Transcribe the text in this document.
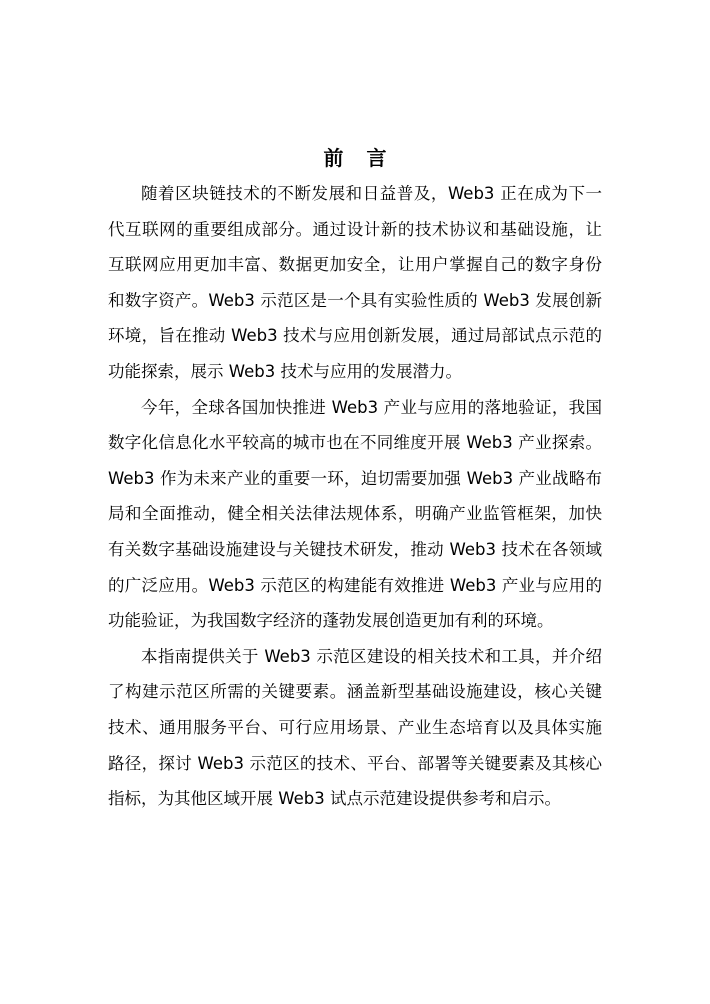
前 言

随着区块链技术的不断发展和日益普及，Web3 正在成为下一代互联网的重要组成部分。通过设计新的技术协议和基础设施，让互联网应用更加丰富、数据更加安全，让用户掌握自己的数字身份和数字资产。Web3 示范区是一个具有实验性质的 Web3 发展创新环境，旨在推动 Web3 技术与应用创新发展，通过局部试点示范的功能探索，展示 Web3 技术与应用的发展潜力。

今年，全球各国加快推进 Web3 产业与应用的落地验证，我国数字化信息化水平较高的城市也在不同维度开展 Web3 产业探索。Web3 作为未来产业的重要一环，迫切需要加强 Web3 产业战略布局和全面推动，健全相关法律法规体系，明确产业监管框架，加快有关数字基础设施建设与关键技术研发，推动 Web3 技术在各领域的广泛应用。Web3 示范区的构建能有效推进 Web3 产业与应用的功能验证，为我国数字经济的蓬勃发展创造更加有利的环境。

本指南提供关于 Web3 示范区建设的相关技术和工具，并介绍了构建示范区所需的关键要素。涵盖新型基础设施建设，核心关键技术、通用服务平台、可行应用场景、产业生态培育以及具体实施路径，探讨 Web3 示范区的技术、平台、部署等关键要素及其核心指标，为其他区域开展 Web3 试点示范建设提供参考和启示。
